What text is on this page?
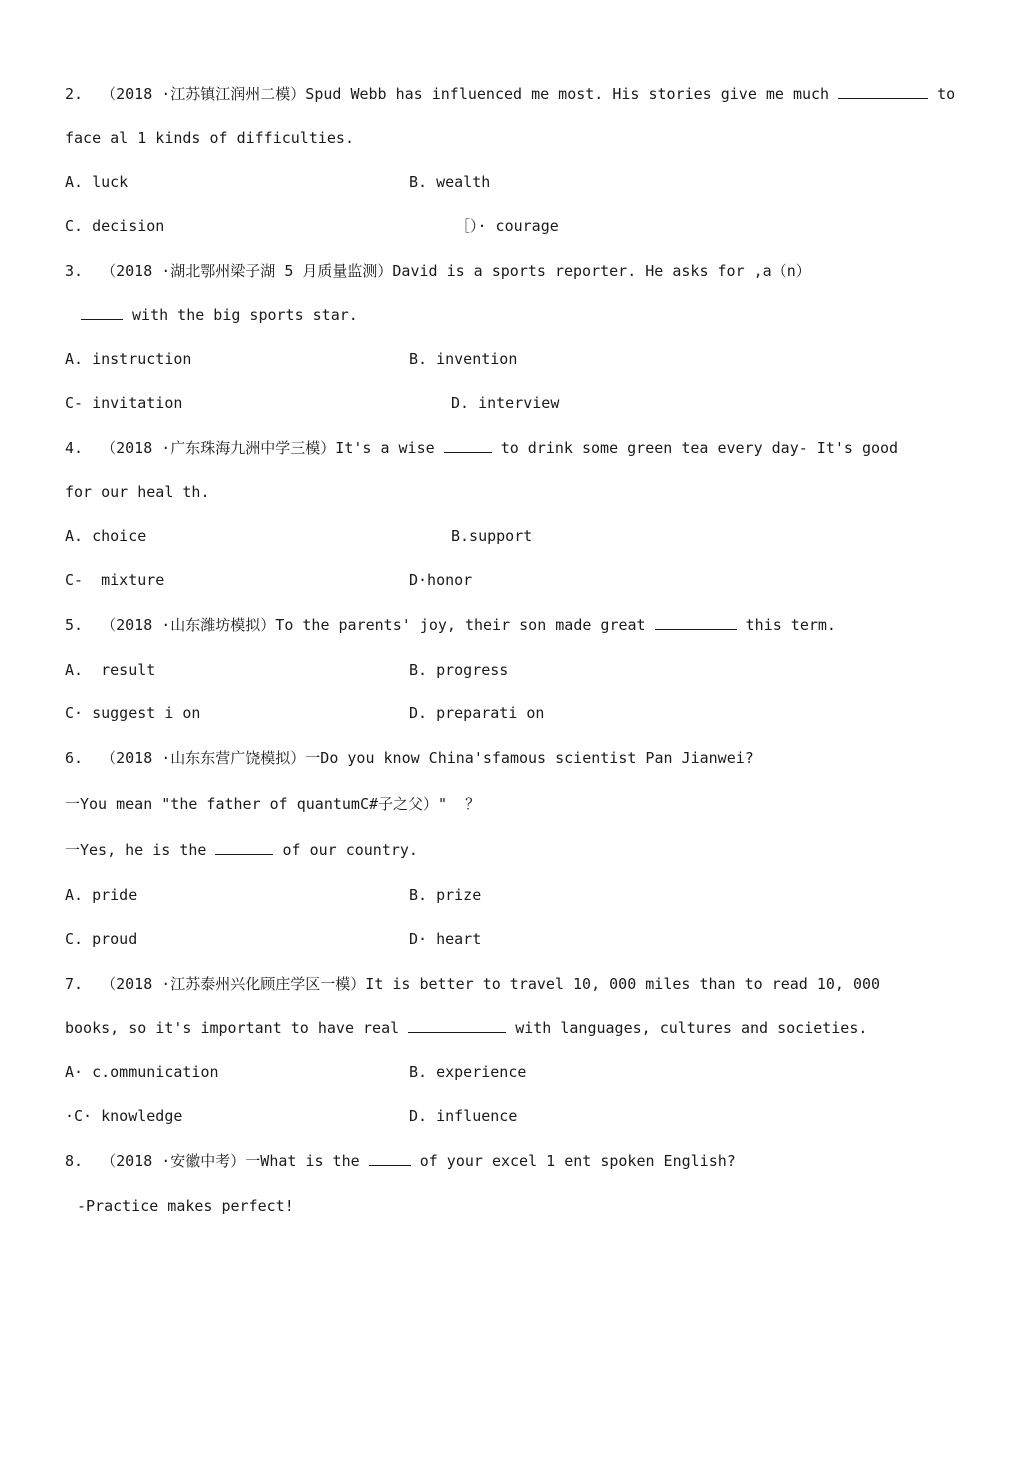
2.  （2018 ·江苏镇江润州二模）Spud Webb has influenced me most. His stories give me much	to
face al 1 kinds of difficulties.
A. luck	B. wealth
C. decision	［）· courage
3.  （2018 ·湖北鄂州梁子湖 5 月质量监测）David is a sports reporter. He asks for ,a（n）
with the big sports star.
A. instruction	B. invention
C- invitation	D. interview
4.  （2018 ·广东珠海九洲中学三模）It's a wise	to drink some green tea every day- It's good
for our heal th.
A. choice	B.support
C-  mixture	D·honor
5.  （2018 ·山东潍坊模拟）To the parents' joy, their son made great	this term.
A.  result	B. progress
C· suggest i on	D. preparati on
6.  （2018 ·山东东营广饶模拟）一Do you know China'sfamous scientist Pan Jianwei?
一You mean "the father of quantumC#子之父）"  ？
一Yes, he is the	of our country.
A. pride	B. prize
C. proud	D· heart
7.  （2018 ·江苏泰州兴化顾庄学区一模）It is better to travel 10, 000 miles than to read 10, 000
books, so it's important to have real	with languages, cultures and societies.
A· c.ommunication	B. experience
·C· knowledge	D. influence
8.  （2018 ·安徽中考）一What is the	of your excel 1 ent spoken English?
-Practice makes perfect!
